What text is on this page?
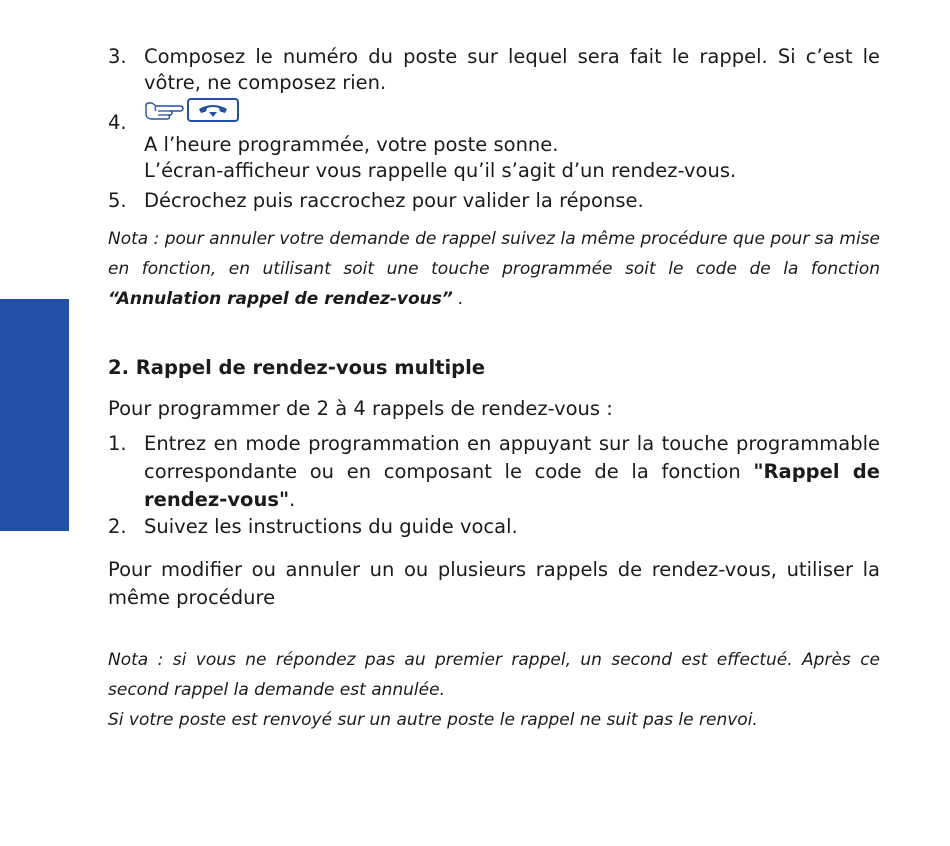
3. Composez le numéro du poste sur lequel sera fait le rappel. Si c’est le vôtre, ne composez rien.
4.
A l’heure programmée, votre poste sonne.
L’écran-afficheur vous rappelle qu’il s’agit d’un rendez-vous.
5. Décrochez puis raccrochez pour valider la réponse.
Nota : pour annuler votre demande de rappel suivez la même procédure que pour sa mise en fonction, en utilisant soit une touche programmée soit le code de la fonction “Annulation rappel de rendez-vous” .
2. Rappel de rendez-vous multiple
Pour programmer de 2 à 4 rappels de rendez-vous :
1. Entrez en mode programmation en appuyant sur la touche programmable correspondante ou en composant le code de la fonction "Rappel de rendez-vous".
2. Suivez les instructions du guide vocal.
Pour modifier ou annuler un ou plusieurs rappels de rendez-vous, utiliser la même procédure
Nota : si vous ne répondez pas au premier rappel, un second est effectué. Après ce second rappel la demande est annulée.
Si votre poste est renvoyé sur un autre poste le rappel ne suit pas le renvoi.
